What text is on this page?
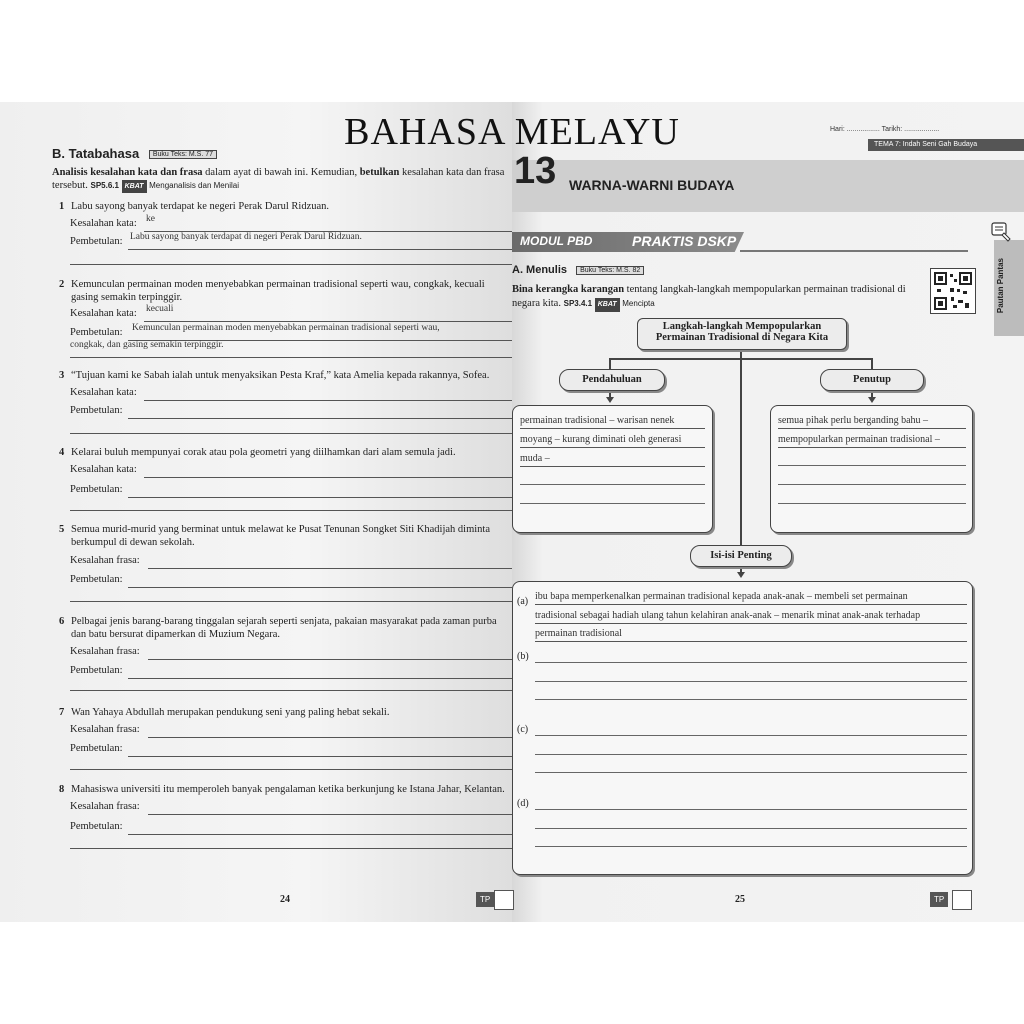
BAHASA MELAYU
B. Tatabahasa Buku Teks: M.S. 77
Analisis kesalahan kata dan frasa dalam ayat di bawah ini. Kemudian, betulkan kesalahan kata dan frasa tersebut. SP5.6.1 KBAT Menganalisis dan Menilai
1 Labu sayong banyak terdapat ke negeri Perak Darul Ridzuan.
Kesalahan kata: ke
Pembetulan: Labu sayong banyak terdapat di negeri Perak Darul Ridzuan.
2 Kemunculan permainan moden menyebabkan permainan tradisional seperti wau, congkak, kecuali gasing semakin terpinggir.
Kesalahan kata: kecuali
Pembetulan: Kemunculan permainan moden menyebabkan permainan tradisional seperti wau,
congkak, dan gasing semakin terpinggir.
3 “Tujuan kami ke Sabah ialah untuk menyaksikan Pesta Kraf,” kata Amelia kepada rakannya, Sofea.
Kesalahan kata:
Pembetulan:
4 Kelarai buluh mempunyai corak atau pola geometri yang diilhamkan dari alam semula jadi.
Kesalahan kata:
Pembetulan:
5 Semua murid-murid yang berminat untuk melawat ke Pusat Tenunan Songket Siti Khadijah diminta berkumpul di dewan sekolah.
Kesalahan frasa:
Pembetulan:
6 Pelbagai jenis barang-barang tinggalan sejarah seperti senjata, pakaian masyarakat pada zaman purba dan batu bersurat dipamerkan di Muzium Negara.
Kesalahan frasa:
Pembetulan:
7 Wan Yahaya Abdullah merupakan pendukung seni yang paling hebat sekali.
Kesalahan frasa:
Pembetulan:
8 Mahasiswa universiti itu memperoleh banyak pengalaman ketika berkunjung ke Istana Jahar, Kelantan.
Kesalahan frasa:
Pembetulan:
24	TP
Hari: ................. Tarikh: ..................
TEMA 7: Indah Seni Gah Budaya
13 WARNA-WARNI BUDAYA
MODUL PBD	PRAKTIS DSKP
Pautan Pantas
A. Menulis Buku Teks: M.S. 82
Bina kerangka karangan tentang langkah-langkah mempopularkan permainan tradisional di negara kita. SP3.4.1 KBAT Mencipta
Langkah-langkah Mempopularkan
Permainan Tradisional di Negara Kita
Pendahuluan	Penutup
permainan tradisional – warisan nenek
moyang – kurang diminati oleh generasi
muda –
semua pihak perlu berganding bahu –
mempopularkan permainan tradisional –
Isi-isi Penting
(a) ibu bapa memperkenalkan permainan tradisional kepada anak-anak – membeli set permainan
tradisional sebagai hadiah ulang tahun kelahiran anak-anak – menarik minat anak-anak terhadap
permainan tradisional
(b)
(c)
(d)
25	TP
